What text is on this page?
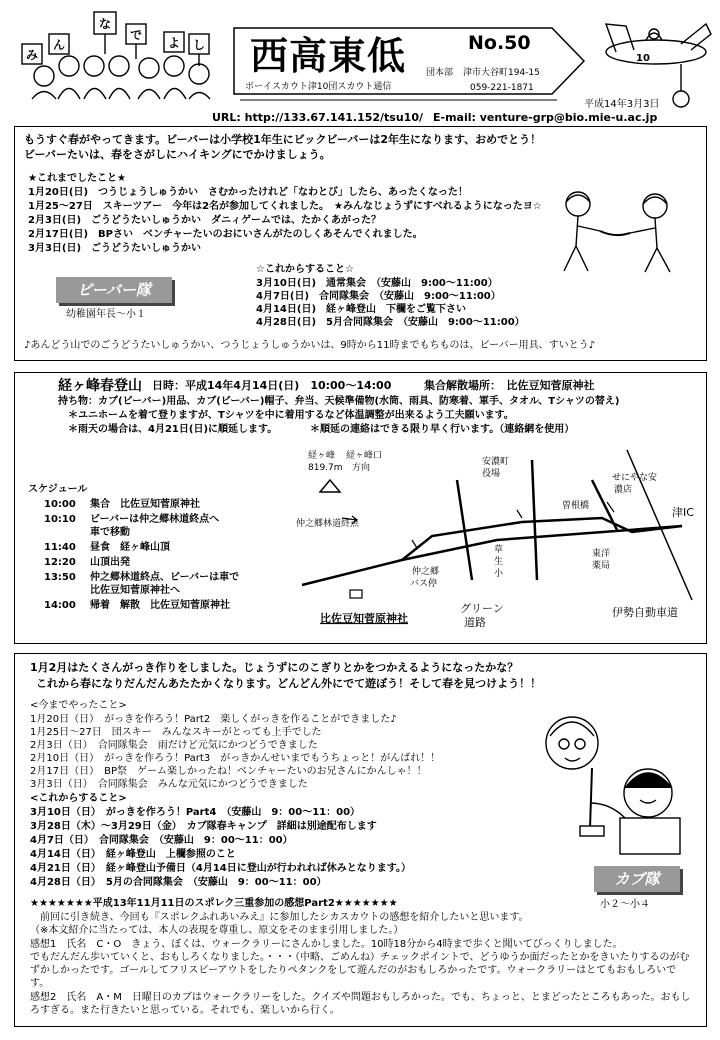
み
ん
な
で
よ し 西高東低
ボーイスカウト津10団スカウト通信
No.50
団本部 津市大谷町194-15
059-221-1871
10
平成14年3月3日
URL: http://133.67.141.152/tsu10/ E-mail: venture-grp@bio.mie-u.ac.jp
もうすぐ春がやってきます。ビーバーは小学校1年生にビックビーバーは2年生になります、おめでとう！
ビーバーたいは、春をさがしにハイキングにでかけましょう。
★これまでしたこと★
1月20日(日)　つうじょうしゅうかい　さむかったけれど「なわとび」したら、あったくなった！
1月25～27日　スキーツアー　今年は2名が参加してくれました。　★みんなじょうずにすべれるようになったヨ☆
2月3日(日)　ごうどうたいしゅうかい　ダニィゲームでは、たかくあがった？
2月17日(日)　BPさい　ベンチャーたいのおにいさんがたのしくあそんでくれました。
3月3日(日)　ごうどうたいしゅうかい
☆これからすること☆
3月10日(日)　通常集会　（安藤山　9:00～11:00）
4月7日(日)　合同隊集会　（安藤山　9:00～11:00）
4月14日(日)　経ヶ峰登山　下欄をご覧下さい
4月28日(日)　5月合同隊集会　（安藤山　9:00～11:00）
ビーバー隊
幼稚園年長～小１
♪あんどう山でのごうどうたいしゅうかい、つうじょうしゅうかいは、9時から11時までもちものは、ビーバー用具、すいとう♪
経ヶ峰春登山 日時：平成14年4月14日(日)　10:00～14:00	集合解散場所：　比佐豆知菅原神社
持ち物：カブ(ビーバー)用品、カブ(ビーバー)帽子、弁当、天候準備物(水筒、雨具、防寒着、軍手、タオル、Tシャツの替え)
＊ユニホームを着て登りますが、Tシャツを中に着用するなど体温調整が出来るよう工夫願います。
＊雨天の場合は、4月21日(日)に順延します。	＊順延の連絡はできる限り早く行います。（連絡網を使用）
スケジュール
10:00 集合　比佐豆知菅原神社
10:10 ビーバーは仲之郷林道終点へ
車で移動
11:40 昼食　経ヶ峰山頂
12:20 山頂出発
13:50 仲之郷林道終点、ビーバーは車で
比佐豆知菅原神社へ
14:00 帰着　解散　比佐豆知菅原神社
経ヶ峰
819.7m
経ヶ峰口
方向
仲之郷林道終点
安濃町
役場
曽根橋
せにやな安
濃店
津IC
仲之郷
バス停
草
生
小
東洋
薬局
比佐豆知菅原神社
グリーン
道路
伊勢自動車道
1月2月はたくさんがっき作りをしました。じょうずにのこぎりとかをつかえるようになったかな？
これから春になりだんだんあたたかくなります。どんどん外にでて遊ぼう！そして春を見つけよう！！
<今までやったこと>
1月20日（日）　がっきを作ろう！Part2　楽しくがっきを作ることができました♪
1月25日～27日　団スキー　みんなスキーがとっても上手でした
2月3日（日）　合同隊集会　雨だけど元気にかつどうできました
2月10日（日）　がっきを作ろう！Part3　がっきかんせいまでもうちょっと！がんばれ！！
2月17日（日）　BP祭　ゲーム楽しかったね！ベンチャーたいのお兄さんにかんしゃ！！
3月3日（日）　合同隊集会　みんな元気にかつどうできました
<これからすること>
3月10日（日）　がっきを作ろう！Part4　（安藤山　9：00～11：00）
3月28日（木）～3月29日（金）　カブ隊春キャンプ　詳細は別途配布します
4月7日（日）　合同隊集会　（安藤山　9：00～11：00）
4月14日（日）　経ヶ峰登山　上欄参照のこと
4月21日（日）　経ヶ峰登山予備日（4月14日に登山が行われれば休みとなります。）
4月28日（日）　5月の合同隊集会　（安藤山　9：00～11：00）	カブ隊
小２～小４
★★★★★★★平成13年11月11日のスポレク三重参加の感想Part2★★★★★★★
前回に引き続き、今回も『スポレクふれあいみえ』に参加したシカスカウトの感想を紹介したいと思います。
（※本文紹介に当たっては、本人の表現を尊重し、原文をそのまま引用しました。）
感想1　氏名　C・O　きょう、ぼくは、ウォークラリーにさんかしました。10時18分から4時まで歩くと聞いてびっくりしました。
でもだんだん歩いていくと、おもしろくなりました。・・・（中略、ごめんね）チェックポイントで、どうゆうか面だったとかをきいたりするのがむずかしかったです。ゴールしてフリスビーアウトをしたりペタンクをして遊んだのがおもしろかったです。ウォークラリーはとてもおもしろいです。
感想2　氏名　A・M　日曜日のカブはウォークラリーをした。クイズや問題おもしろかった。でも、ちょっと、とまどったところもあった。おもしろすぎる。また行きたいと思っている。それでも、楽しいから行く。
